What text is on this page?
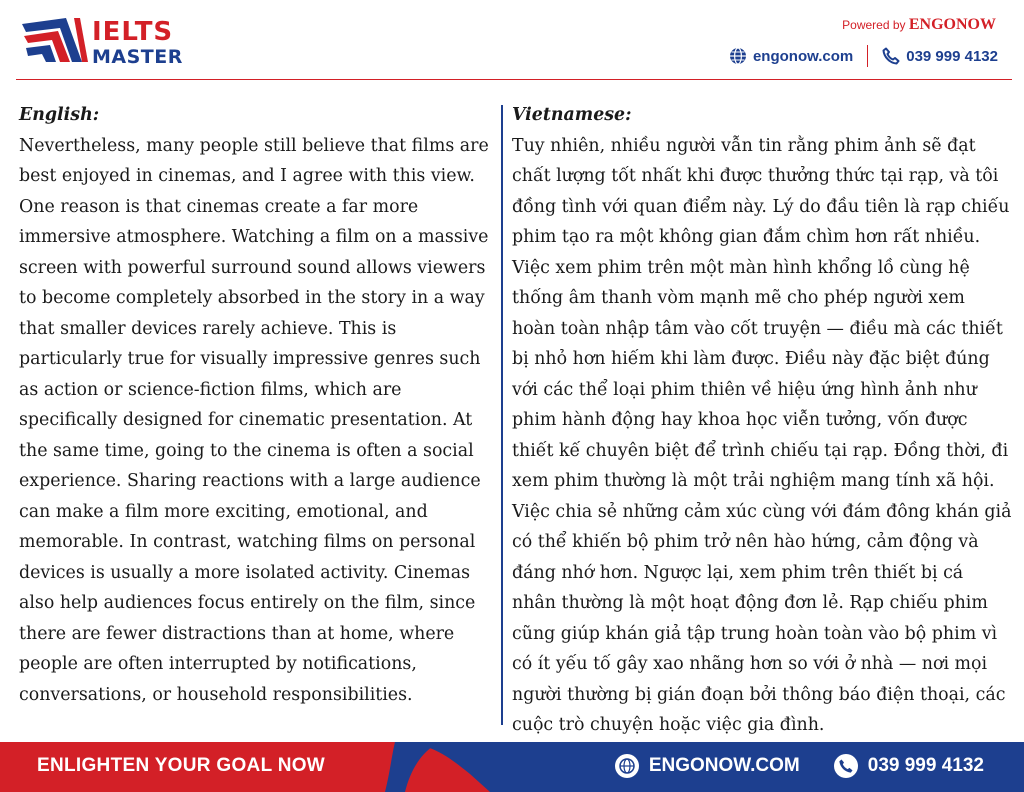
IELTS
MASTER
Powered by ENGONOW
engonow.com	039 999 4132
English:

Nevertheless, many people still believe that films are best enjoyed in cinemas, and I agree with this view. One reason is that cinemas create a far more immersive atmosphere. Watching a film on a massive screen with powerful surround sound allows viewers to become completely absorbed in the story in a way that smaller devices rarely achieve. This is particularly true for visually impressive genres such as action or science-fiction films, which are specifically designed for cinematic presentation. At the same time, going to the cinema is often a social experience. Sharing reactions with a large audience can make a film more exciting, emotional, and memorable. In contrast, watching films on personal devices is usually a more isolated activity. Cinemas also help audiences focus entirely on the film, since there are fewer distractions than at home, where people are often interrupted by notifications, conversations, or household responsibilities.

Vietnamese:

Tuy nhiên, nhiều người vẫn tin rằng phim ảnh sẽ đạt chất lượng tốt nhất khi được thưởng thức tại rạp, và tôi đồng tình với quan điểm này. Lý do đầu tiên là rạp chiếu phim tạo ra một không gian đắm chìm hơn rất nhiều. Việc xem phim trên một màn hình khổng lồ cùng hệ thống âm thanh vòm mạnh mẽ cho phép người xem hoàn toàn nhập tâm vào cốt truyện — điều mà các thiết bị nhỏ hơn hiếm khi làm được. Điều này đặc biệt đúng với các thể loại phim thiên về hiệu ứng hình ảnh như phim hành động hay khoa học viễn tưởng, vốn được thiết kế chuyên biệt để trình chiếu tại rạp. Đồng thời, đi xem phim thường là một trải nghiệm mang tính xã hội. Việc chia sẻ những cảm xúc cùng với đám đông khán giả có thể khiến bộ phim trở nên hào hứng, cảm động và đáng nhớ hơn. Ngược lại, xem phim trên thiết bị cá nhân thường là một hoạt động đơn lẻ. Rạp chiếu phim cũng giúp khán giả tập trung hoàn toàn vào bộ phim vì có ít yếu tố gây xao nhãng hơn so với ở nhà — nơi mọi người thường bị gián đoạn bởi thông báo điện thoại, các cuộc trò chuyện hoặc việc gia đình.

ENLIGHTEN YOUR GOAL NOW	ENGONOW.COM	039 999 4132
